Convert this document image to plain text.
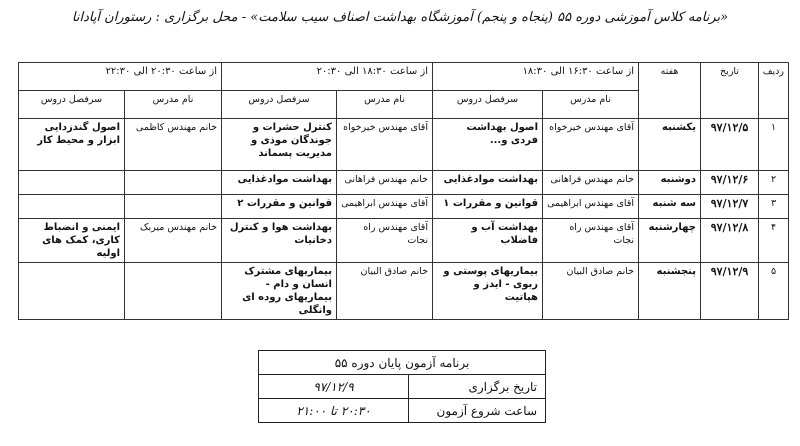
«برنامه کلاس آموزشی دوره ۵۵ (پنجاه و پنجم) آموزشگاه بهداشت اصناف سیب سلامت» - محل برگزاری : رستوران آپادانا
ردیف	تاریخ	هفته	از ساعت ۱۶:۳۰ الی ۱۸:۳۰		از ساعت ۱۸:۳۰ الی ۲۰:۳۰		از ساعت ۲۰:۳۰ الی ۲۲:۳۰	
			نام مدرس	سرفصل دروس	نام مدرس	سرفصل دروس	نام مدرس	سرفصل دروس
۱	۹۷/۱۲/۵	یکشنبه	آقای مهندس خیرخواه	اصول بهداشت فردی و...	آقای مهندس خیرخواه	کنترل حشرات و جوندگان موذی و مدیریت پسماند	خانم مهندس کاظمی	اصول گندزدایی ابزار و محیط کار
۲	۹۷/۱۲/۶	دوشنبه	خانم مهندس فراهانی	بهداشت موادغذایی	خانم مهندس فراهانی	بهداشت موادغذایی		
۳	۹۷/۱۲/۷	سه شنبه	آقای مهندس ابراهیمی	قوانین و مقررات ۱	آقای مهندس ابراهیمی	قوانین و مقررات ۲		
۴	۹۷/۱۲/۸	چهارشنبه	آقای مهندس راه نجات	بهداشت آب و فاضلاب	آقای مهندس راه نجات	بهداشت هوا و کنترل دخانیات	خانم مهندس میربک	ایمنی و انضباط کاری، کمک های اولیه
۵	۹۷/۱۲/۹	پنجشنبه	خانم صادق البیان	بیماریهای پوستی و ربوی - ایدز و هپاتیت	خانم صادق البیان	بیماریهای مشترک انسان و دام - بیماریهای روده ای وانگلی		
برنامه آزمون پایان دوره ۵۵	
تاریخ برگزاری	۹۷/۱۲/۹
ساعت شروع آزمون	۲۰:۳۰ تا ۲۱:۰۰
